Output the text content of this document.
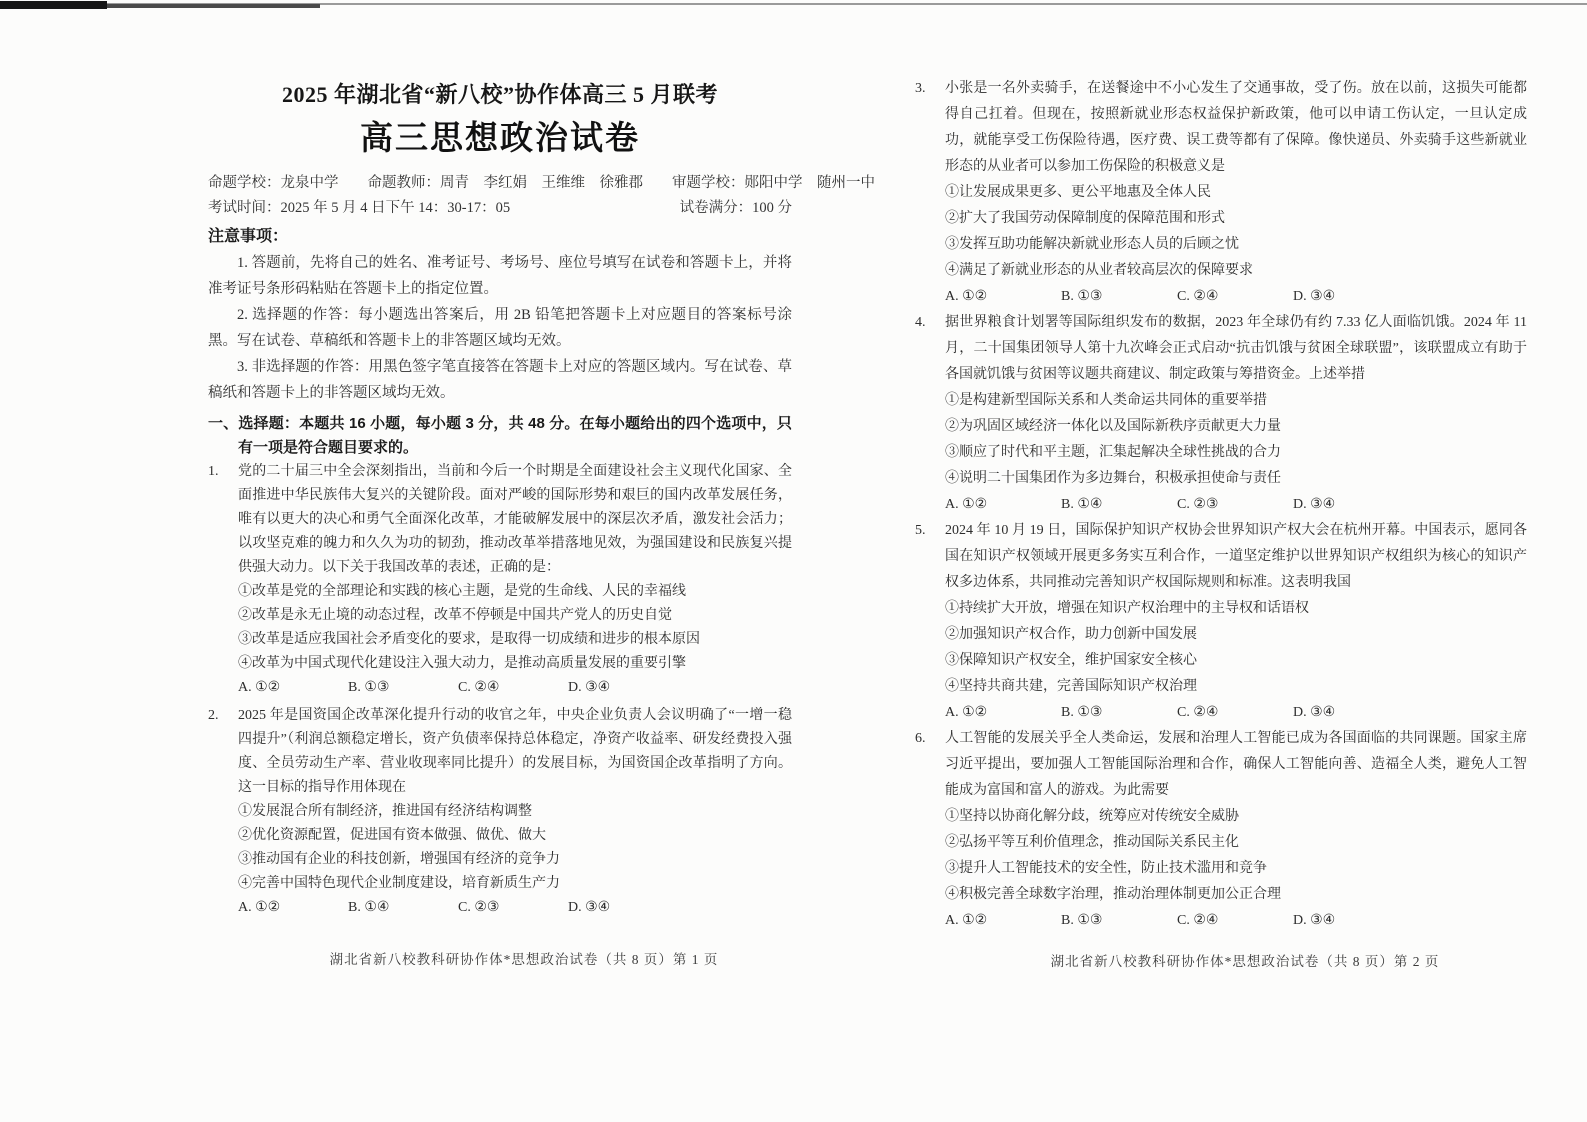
2025 年湖北省“新八校”协作体高三 5 月联考
高三思想政治试卷

命题学校：龙泉中学　　命题教师：周青　李红娟　王维维　徐雅郡　　审题学校：郧阳中学　随州一中

考试时间：2025 年 5 月 4 日下午 14：30-17：05	试卷满分：100 分

注意事项：

1. 答题前，先将自己的姓名、准考证号、考场号、座位号填写在试卷和答题卡上，并将准考证号条形码粘贴在答题卡上的指定位置。

2. 选择题的作答：每小题选出答案后，用 2B 铅笔把答题卡上对应题目的答案标号涂黑。写在试卷、草稿纸和答题卡上的非答题区域均无效。

3. 非选择题的作答：用黑色签字笔直接答在答题卡上对应的答题区域内。写在试卷、草稿纸和答题卡上的非答题区域均无效。

一、选择题：本题共 16 小题，每小题 3 分，共 48 分。在每小题给出的四个选项中，只有一项是符合题目要求的。

1.	党的二十届三中全会深刻指出，当前和今后一个时期是全面建设社会主义现代化国家、全面推进中华民族伟大复兴的关键阶段。面对严峻的国际形势和艰巨的国内改革发展任务，唯有以更大的决心和勇气全面深化改革，才能破解发展中的深层次矛盾，激发社会活力；以攻坚克难的魄力和久久为功的韧劲，推动改革举措落地见效，为强国建设和民族复兴提供强大动力。以下关于我国改革的表述，正确的是：

①改革是党的全部理论和实践的核心主题，是党的生命线、人民的幸福线

②改革是永无止境的动态过程，改革不停顿是中国共产党人的历史自觉

③改革是适应我国社会矛盾变化的要求，是取得一切成绩和进步的根本原因

④改革为中国式现代化建设注入强大动力，是推动高质量发展的重要引擎

A. ①②	B. ①③	C. ②④	D. ③④
2.	2025 年是国资国企改革深化提升行动的收官之年，中央企业负责人会议明确了“一增一稳四提升”（利润总额稳定增长，资产负债率保持总体稳定，净资产收益率、研发经费投入强度、全员劳动生产率、营业收现率同比提升）的发展目标，为国资国企改革指明了方向。这一目标的指导作用体现在

①发展混合所有制经济，推进国有经济结构调整

②优化资源配置，促进国有资本做强、做优、做大

③推动国有企业的科技创新，增强国有经济的竞争力

④完善中国特色现代企业制度建设，培育新质生产力

A. ①②	B. ①④	C. ②③	D. ③④

湖北省新八校教科研协作体*思想政治试卷（共 8 页）第 1 页

3.	小张是一名外卖骑手，在送餐途中不小心发生了交通事故，受了伤。放在以前，这损失可能都得自己扛着。但现在，按照新就业形态权益保护新政策，他可以申请工伤认定，一旦认定成功，就能享受工伤保险待遇，医疗费、误工费等都有了保障。像快递员、外卖骑手这些新就业形态的从业者可以参加工伤保险的积极意义是

①让发展成果更多、更公平地惠及全体人民

②扩大了我国劳动保障制度的保障范围和形式

③发挥互助功能解决新就业形态人员的后顾之忧

④满足了新就业形态的从业者较高层次的保障要求

A. ①②	B. ①③	C. ②④	D. ③④
4.	据世界粮食计划署等国际组织发布的数据，2023 年全球仍有约 7.33 亿人面临饥饿。2024 年 11 月，二十国集团领导人第十九次峰会正式启动“抗击饥饿与贫困全球联盟”，该联盟成立有助于各国就饥饿与贫困等议题共商建议、制定政策与筹措资金。上述举措

①是构建新型国际关系和人类命运共同体的重要举措

②为巩固区域经济一体化以及国际新秩序贡献更大力量

③顺应了时代和平主题，汇集起解决全球性挑战的合力

④说明二十国集团作为多边舞台，积极承担使命与责任

A. ①②	B. ①④	C. ②③	D. ③④
5.	2024 年 10 月 19 日，国际保护知识产权协会世界知识产权大会在杭州开幕。中国表示，愿同各国在知识产权领域开展更多务实互利合作，一道坚定维护以世界知识产权组织为核心的知识产权多边体系，共同推动完善知识产权国际规则和标准。这表明我国

①持续扩大开放，增强在知识产权治理中的主导权和话语权

②加强知识产权合作，助力创新中国发展

③保障知识产权安全，维护国家安全核心

④坚持共商共建，完善国际知识产权治理

A. ①②	B. ①③	C. ②④	D. ③④
6.	人工智能的发展关乎全人类命运，发展和治理人工智能已成为各国面临的共同课题。国家主席习近平提出，要加强人工智能国际治理和合作，确保人工智能向善、造福全人类，避免人工智能成为富国和富人的游戏。为此需要

①坚持以协商化解分歧，统筹应对传统安全威胁

②弘扬平等互利价值理念，推动国际关系民主化

③提升人工智能技术的安全性，防止技术滥用和竞争

④积极完善全球数字治理，推动治理体制更加公正合理

A. ①②	B. ①③	C. ②④	D. ③④

湖北省新八校教科研协作体*思想政治试卷（共 8 页）第 2 页
